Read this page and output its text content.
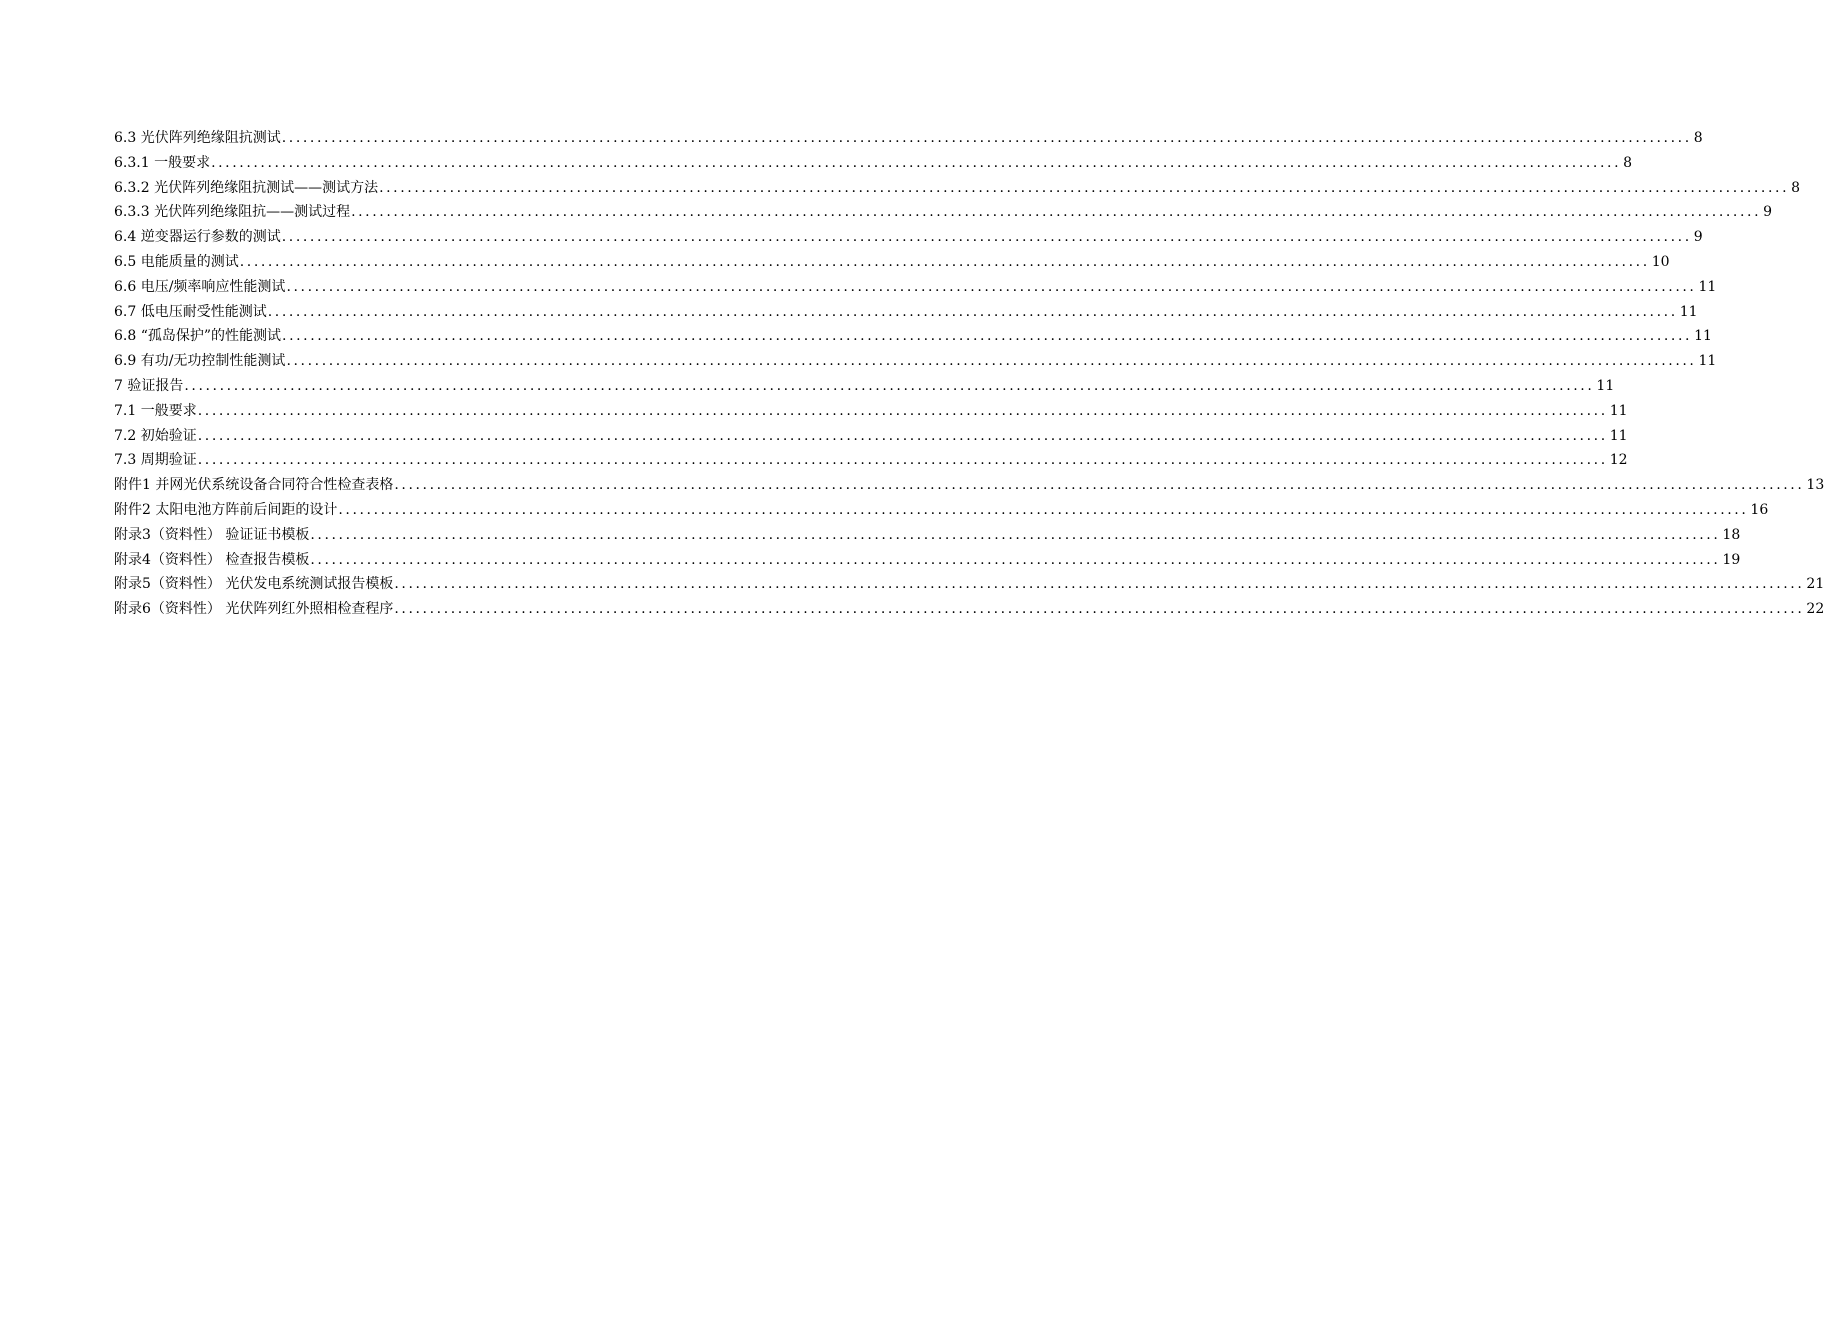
6.3 光伏阵列绝缘阻抗测试 ........................................................................................................................................................................................................ 8
6.3.1 一般要求 ........................................................................................................................................................................................................ 8
6.3.2 光伏阵列绝缘阻抗测试——测试方法 ........................................................................................................................................................................................................ 8
6.3.3 光伏阵列绝缘阻抗——测试过程 ........................................................................................................................................................................................................ 9
6.4 逆变器运行参数的测试 ........................................................................................................................................................................................................ 9
6.5 电能质量的测试 ........................................................................................................................................................................................................ 10
6.6 电压/频率响应性能测试 ........................................................................................................................................................................................................ 11
6.7 低电压耐受性能测试 ........................................................................................................................................................................................................ 11
6.8 “孤岛保护”的性能测试 ........................................................................................................................................................................................................ 11
6.9 有功/无功控制性能测试 ........................................................................................................................................................................................................ 11
7 验证报告 ........................................................................................................................................................................................................ 11
7.1 一般要求 ........................................................................................................................................................................................................ 11
7.2 初始验证 ........................................................................................................................................................................................................ 11
7.3 周期验证 ........................................................................................................................................................................................................ 12
附件1 并网光伏系统设备合同符合性检查表格 ........................................................................................................................................................................................................ 13
附件2 太阳电池方阵前后间距的设计 ........................................................................................................................................................................................................ 16
附录3（资料性） 验证证书模板 ........................................................................................................................................................................................................ 18
附录4（资料性） 检查报告模板 ........................................................................................................................................................................................................ 19
附录5（资料性） 光伏发电系统测试报告模板 ........................................................................................................................................................................................................ 21
附录6（资料性） 光伏阵列红外照相检查程序 ........................................................................................................................................................................................................ 22
